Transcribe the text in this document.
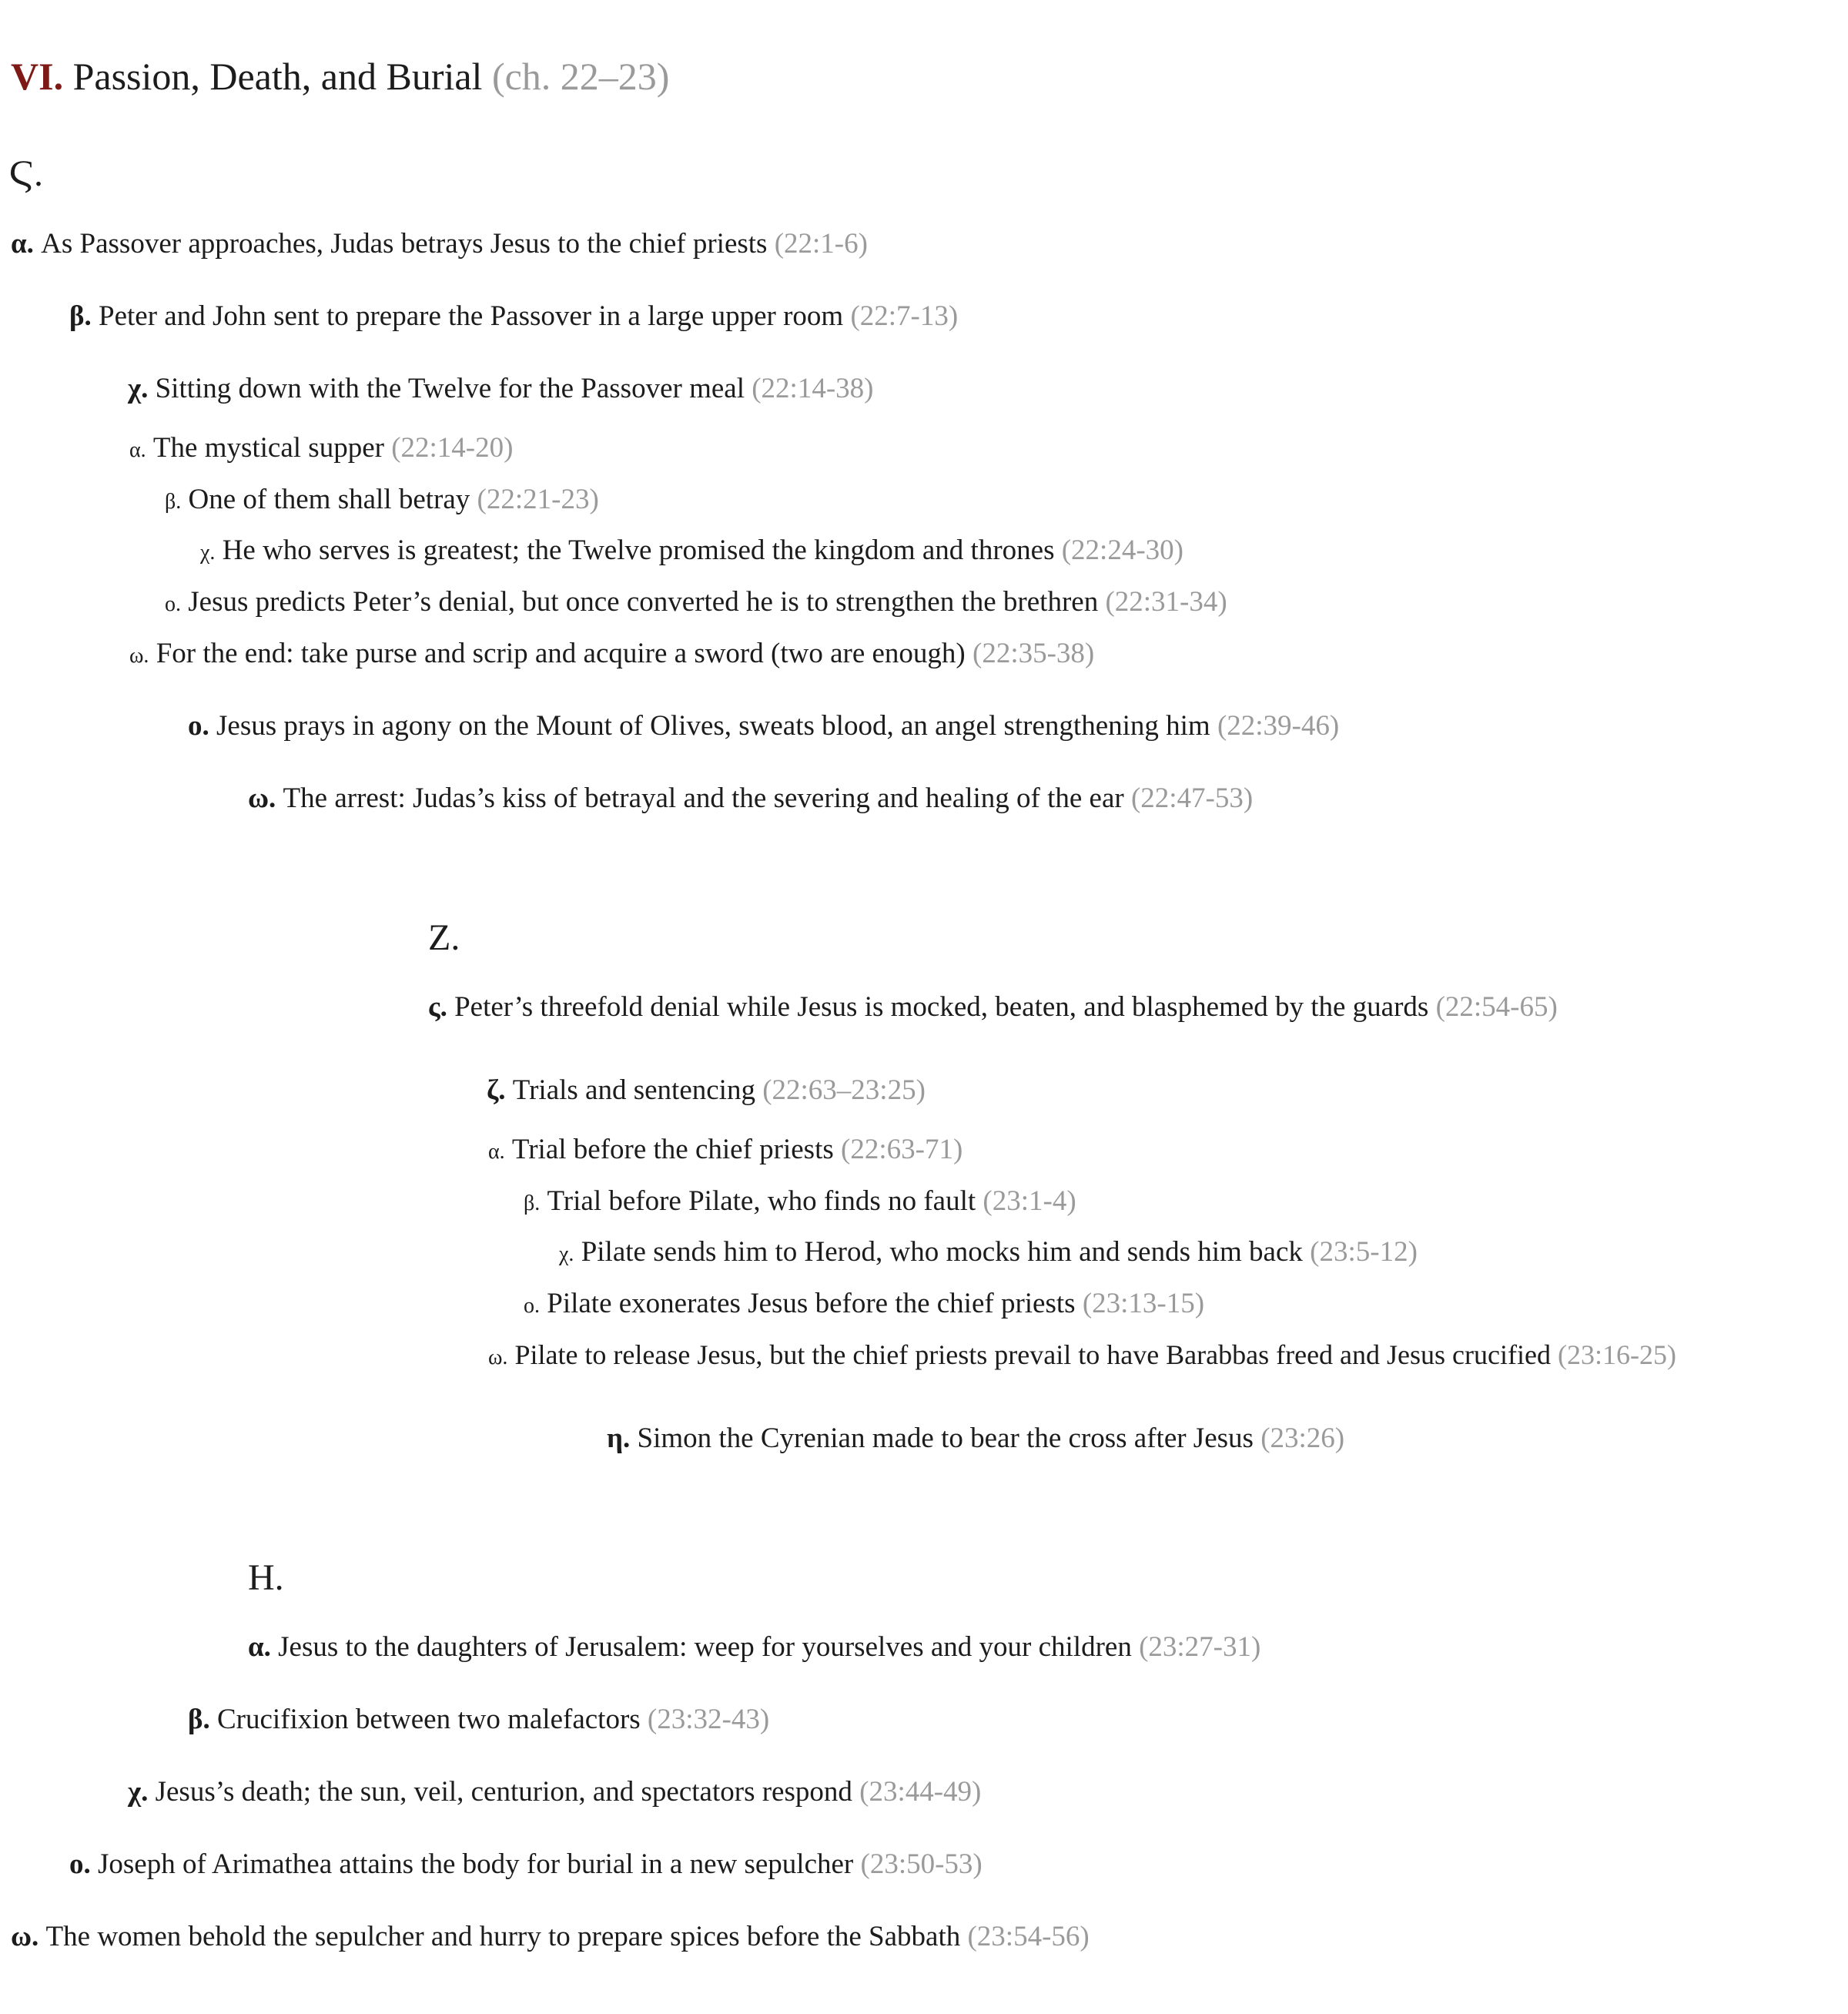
VI. Passion, Death, and Burial (ch. 22–23)
Ϛ.
α. As Passover approaches, Judas betrays Jesus to the chief priests (22:1-6)
β. Peter and John sent to prepare the Passover in a large upper room (22:7-13)
χ. Sitting down with the Twelve for the Passover meal (22:14-38)
α. The mystical supper (22:14-20)
β. One of them shall betray (22:21-23)
χ. He who serves is greatest; the Twelve promised the kingdom and thrones (22:24-30)
ο. Jesus predicts Peter’s denial, but once converted he is to strengthen the brethren (22:31-34)
ω. For the end: take purse and scrip and acquire a sword (two are enough) (22:35-38)
ο. Jesus prays in agony on the Mount of Olives, sweats blood, an angel strengthening him (22:39-46)
ω. The arrest: Judas’s kiss of betrayal and the severing and healing of the ear (22:47-53)
Z.
ς. Peter’s threefold denial while Jesus is mocked, beaten, and blasphemed by the guards (22:54-65)
ζ. Trials and sentencing (22:63–23:25)
α. Trial before the chief priests (22:63-71)
β. Trial before Pilate, who finds no fault (23:1-4)
χ. Pilate sends him to Herod, who mocks him and sends him back (23:5-12)
ο. Pilate exonerates Jesus before the chief priests (23:13-15)
ω. Pilate to release Jesus, but the chief priests prevail to have Barabbas freed and Jesus crucified (23:16-25)
η. Simon the Cyrenian made to bear the cross after Jesus (23:26)
H.
α. Jesus to the daughters of Jerusalem: weep for yourselves and your children (23:27-31)
β. Crucifixion between two malefactors (23:32-43)
χ. Jesus’s death; the sun, veil, centurion, and spectators respond (23:44-49)
ο. Joseph of Arimathea attains the body for burial in a new sepulcher (23:50-53)
ω. The women behold the sepulcher and hurry to prepare spices before the Sabbath (23:54-56)
